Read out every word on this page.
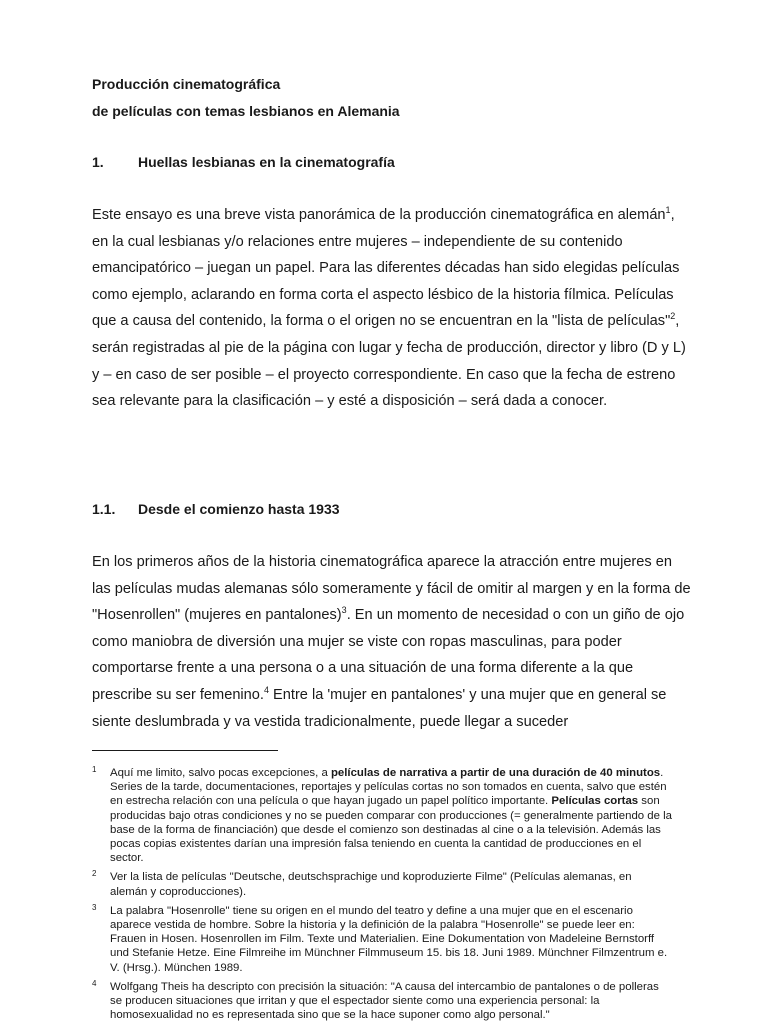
Producción cinematográfica
de películas con temas lesbianos en Alemania
1. Huellas lesbianas en la cinematografía

Este ensayo es una breve vista panorámica de la producción cinematográfica en alemán$^1$, en la cual lesbianas y/o relaciones entre mujeres – independiente de su contenido emancipatórico – juegan un papel. Para las diferentes décadas han sido elegidas películas como ejemplo, aclarando en forma corta el aspecto lésbico de la historia fílmica. Películas que a causa del contenido, la forma o el origen no se encuentran en la "lista de películas"$^2$, serán registradas al pie de la página con lugar y fecha de producción, director y libro (D y L) y – en caso de ser posible – el proyecto correspondiente. En caso que la fecha de estreno sea relevante para la clasificación – y esté a disposición – será dada a conocer.

1.1. Desde el comienzo hasta 1933

En los primeros años de la historia cinematográfica aparece la atracción entre mujeres en las películas mudas alemanas sólo someramente y fácil de omitir al margen y en la forma de "Hosenrollen" (mujeres en pantalones)$^3$. En un momento de necesidad o con un giño de ojo como maniobra de diversión una mujer se viste con ropas masculinas, para poder comportarse frente a una persona o a una situación de una forma diferente a la que prescribe su ser femenino.$^4$ Entre la 'mujer en pantalones' y una mujer que en general se siente deslumbrada y va vestida tradicionalmente, puede llegar a suceder

1 Aquí me limito, salvo pocas excepciones, a películas de narrativa a partir de una duración de 40 minutos. Series de la tarde, documentaciones, reportajes y películas cortas no son tomados en cuenta, salvo que estén en estrecha relación con una película o que hayan jugado un papel político importante. Películas cortas son producidas bajo otras condiciones y no se pueden comparar con producciones (= generalmente partiendo de la base de la forma de financiación) que desde el comienzo son destinadas al cine o a la televisión. Además las pocas copias existentes darían una impresión falsa teniendo en cuenta la cantidad de producciones en el sector.
2 Ver la lista de películas "Deutsche, deutschsprachige und koproduzierte Filme" (Películas alemanas, en alemán y coproducciones).
3 La palabra "Hosenrolle" tiene su origen en el mundo del teatro y define a una mujer que en el escenario aparece vestida de hombre. Sobre la historia y la definición de la palabra "Hosenrolle" se puede leer en: Frauen in Hosen. Hosenrollen im Film. Texte und Materialien. Eine Dokumentation von Madeleine Bernstorff und Stefanie Hetze. Eine Filmreihe im Münchner Filmmuseum 15. bis 18. Juni 1989. Münchner Filmzentrum e. V. (Hrsg.). München 1989.
4 Wolfgang Theis ha descripto con precisión la situación: "A causa del intercambio de pantalones o de polleras se producen situaciones que irritan y que el espectador siente como una experiencia personal: la homosexualidad no es representada sino que se la hace suponer como algo personal."
